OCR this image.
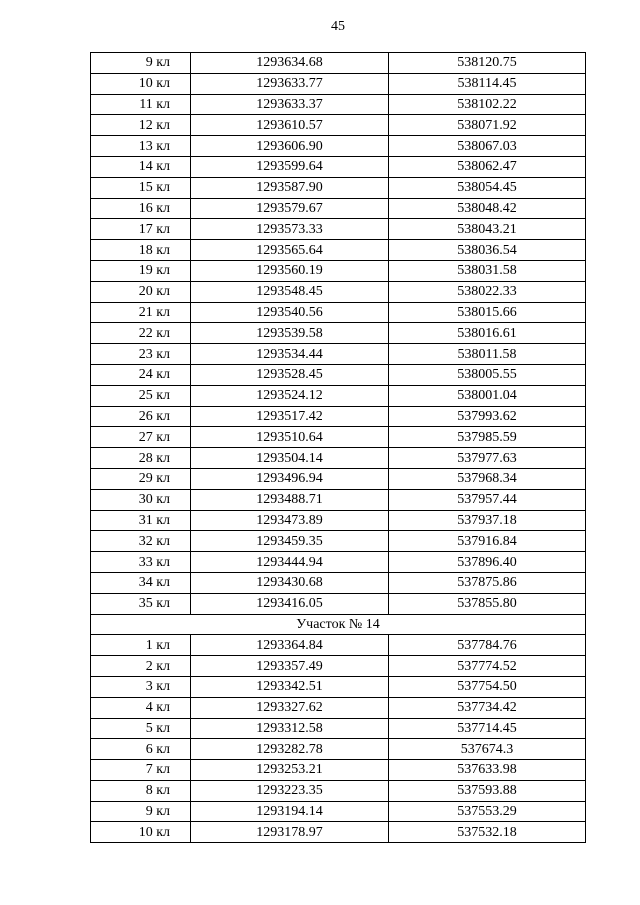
45
9 кл	1293634.68	538120.75
10 кл	1293633.77	538114.45
11 кл	1293633.37	538102.22
12 кл	1293610.57	538071.92
13 кл	1293606.90	538067.03
14 кл	1293599.64	538062.47
15 кл	1293587.90	538054.45
16 кл	1293579.67	538048.42
17 кл	1293573.33	538043.21
18 кл	1293565.64	538036.54
19 кл	1293560.19	538031.58
20 кл	1293548.45	538022.33
21 кл	1293540.56	538015.66
22 кл	1293539.58	538016.61
23 кл	1293534.44	538011.58
24 кл	1293528.45	538005.55
25 кл	1293524.12	538001.04
26 кл	1293517.42	537993.62
27 кл	1293510.64	537985.59
28 кл	1293504.14	537977.63
29 кл	1293496.94	537968.34
30 кл	1293488.71	537957.44
31 кл	1293473.89	537937.18
32 кл	1293459.35	537916.84
33 кл	1293444.94	537896.40
34 кл	1293430.68	537875.86
35 кл	1293416.05	537855.80
Участок № 14		
1 кл	1293364.84	537784.76
2 кл	1293357.49	537774.52
3 кл	1293342.51	537754.50
4 кл	1293327.62	537734.42
5 кл	1293312.58	537714.45
6 кл	1293282.78	537674.3
7 кл	1293253.21	537633.98
8 кл	1293223.35	537593.88
9 кл	1293194.14	537553.29
10 кл	1293178.97	537532.18
